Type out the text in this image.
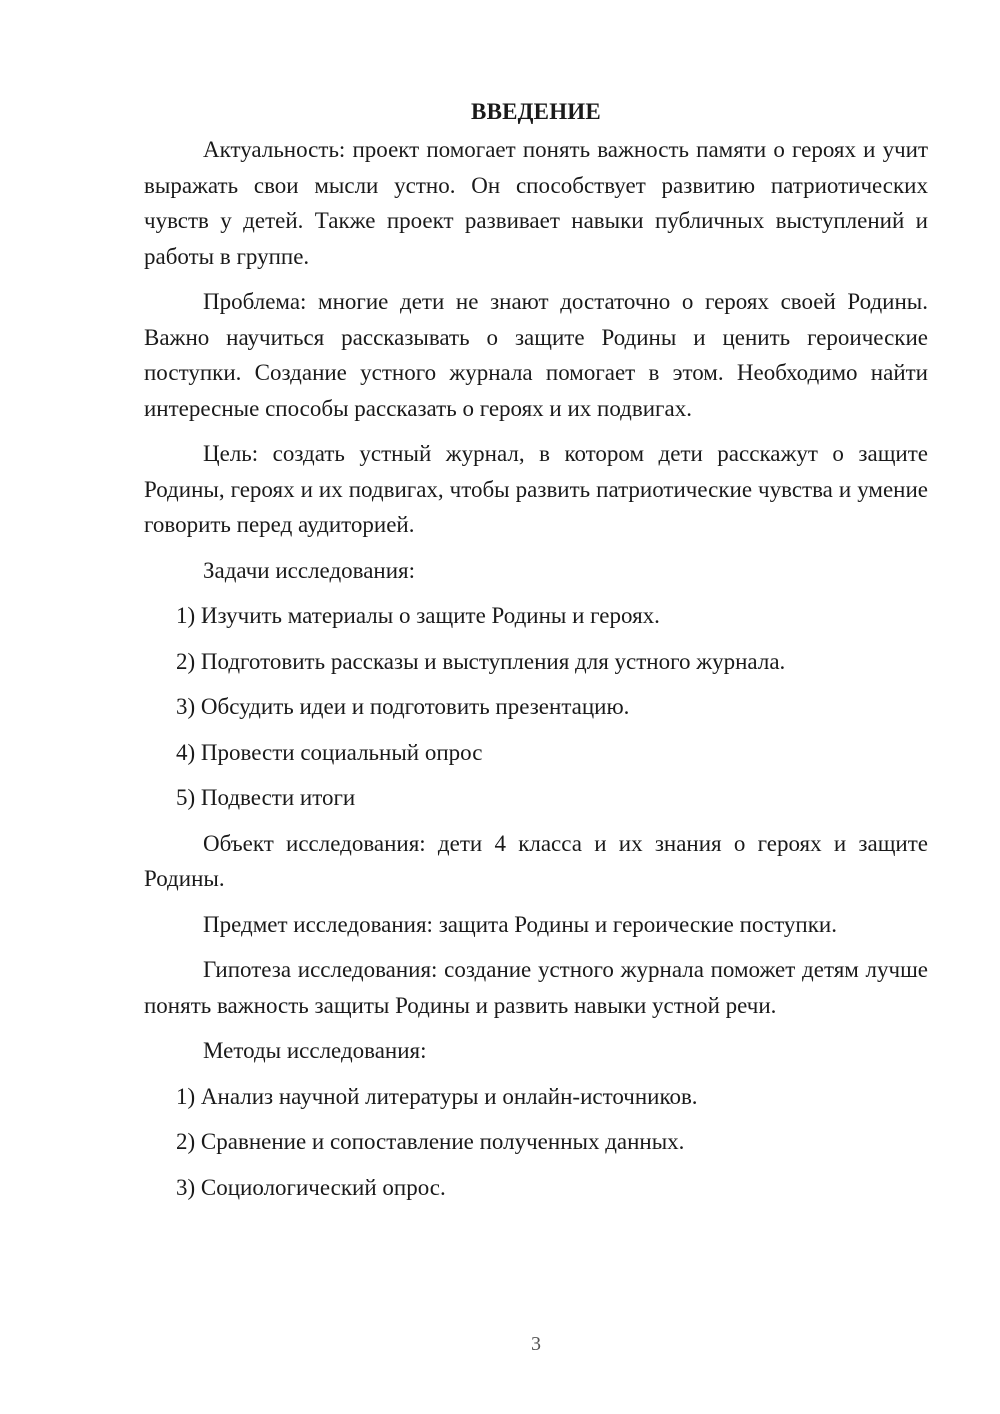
ВВЕДЕНИЕ

Актуальность: проект помогает понять важность памяти о героях и учит выражать свои мысли устно. Он способствует развитию патриотических чувств у детей. Также проект развивает навыки публичных выступлений и работы в группе.

Проблема: многие дети не знают достаточно о героях своей Родины. Важно научиться рассказывать о защите Родины и ценить героические поступки. Создание устного журнала помогает в этом. Необходимо найти интересные способы рассказать о героях и их подвигах.

Цель: создать устный журнал, в котором дети расскажут о защите Родины, героях и их подвигах, чтобы развить патриотические чувства и умение говорить перед аудиторией.

Задачи исследования:

1) Изучить материалы о защите Родины и героях.

2) Подготовить рассказы и выступления для устного журнала.

3) Обсудить идеи и подготовить презентацию.

4) Провести социальный опрос

5) Подвести итоги

Объект исследования: дети 4 класса и их знания о героях и защите Родины.

Предмет исследования: защита Родины и героические поступки.

Гипотеза исследования: создание устного журнала поможет детям лучше понять важность защиты Родины и развить навыки устной речи.

Методы исследования:

1) Анализ научной литературы и онлайн-источников.

2) Сравнение и сопоставление полученных данных.

3) Социологический опрос.

3
